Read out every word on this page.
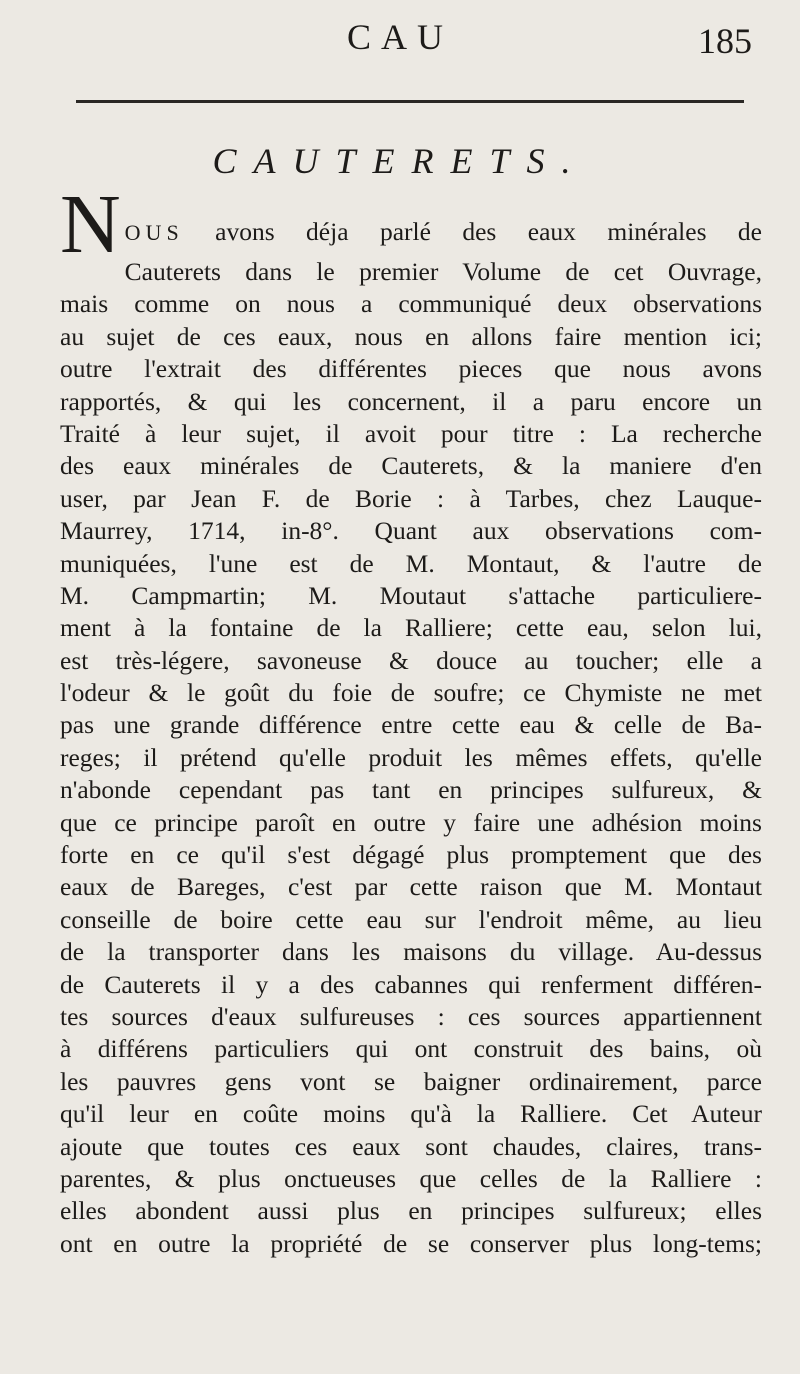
CAU	185
CAUTERETS.
NOUS avons déja parlé des eaux minérales de
Cauterets dans le premier Volume de cet Ouvrage,
mais comme on nous a communiqué deux observations
au sujet de ces eaux, nous en allons faire mention ici;
outre l'extrait des différentes pieces que nous avons
rapportés, & qui les concernent, il a paru encore un
Traité à leur sujet, il avoit pour titre : La recherche
des eaux minérales de Cauterets, & la maniere d'en
user, par Jean F. de Borie : à Tarbes, chez Lauque-
Maurrey, 1714, in-8°. Quant aux observations com-
muniquées, l'une est de M. Montaut, & l'autre de
M. Campmartin; M. Moutaut s'attache particuliere-
ment à la fontaine de la Ralliere; cette eau, selon lui,
est très-légere, savoneuse & douce au toucher; elle a
l'odeur & le goût du foie de soufre; ce Chymiste ne met
pas une grande différence entre cette eau & celle de Ba-
reges; il prétend qu'elle produit les mêmes effets, qu'elle
n'abonde cependant pas tant en principes sulfureux, &
que ce principe paroît en outre y faire une adhésion moins
forte en ce qu'il s'est dégagé plus promptement que des
eaux de Bareges, c'est par cette raison que M. Montaut
conseille de boire cette eau sur l'endroit même, au lieu
de la transporter dans les maisons du village. Au-dessus
de Cauterets il y a des cabannes qui renferment différen-
tes sources d'eaux sulfureuses : ces sources appartiennent
à différens particuliers qui ont construit des bains, où
les pauvres gens vont se baigner ordinairement, parce
qu'il leur en coûte moins qu'à la Ralliere. Cet Auteur
ajoute que toutes ces eaux sont chaudes, claires, trans-
parentes, & plus onctueuses que celles de la Ralliere :
elles abondent aussi plus en principes sulfureux; elles
ont en outre la propriété de se conserver plus long-tems;
